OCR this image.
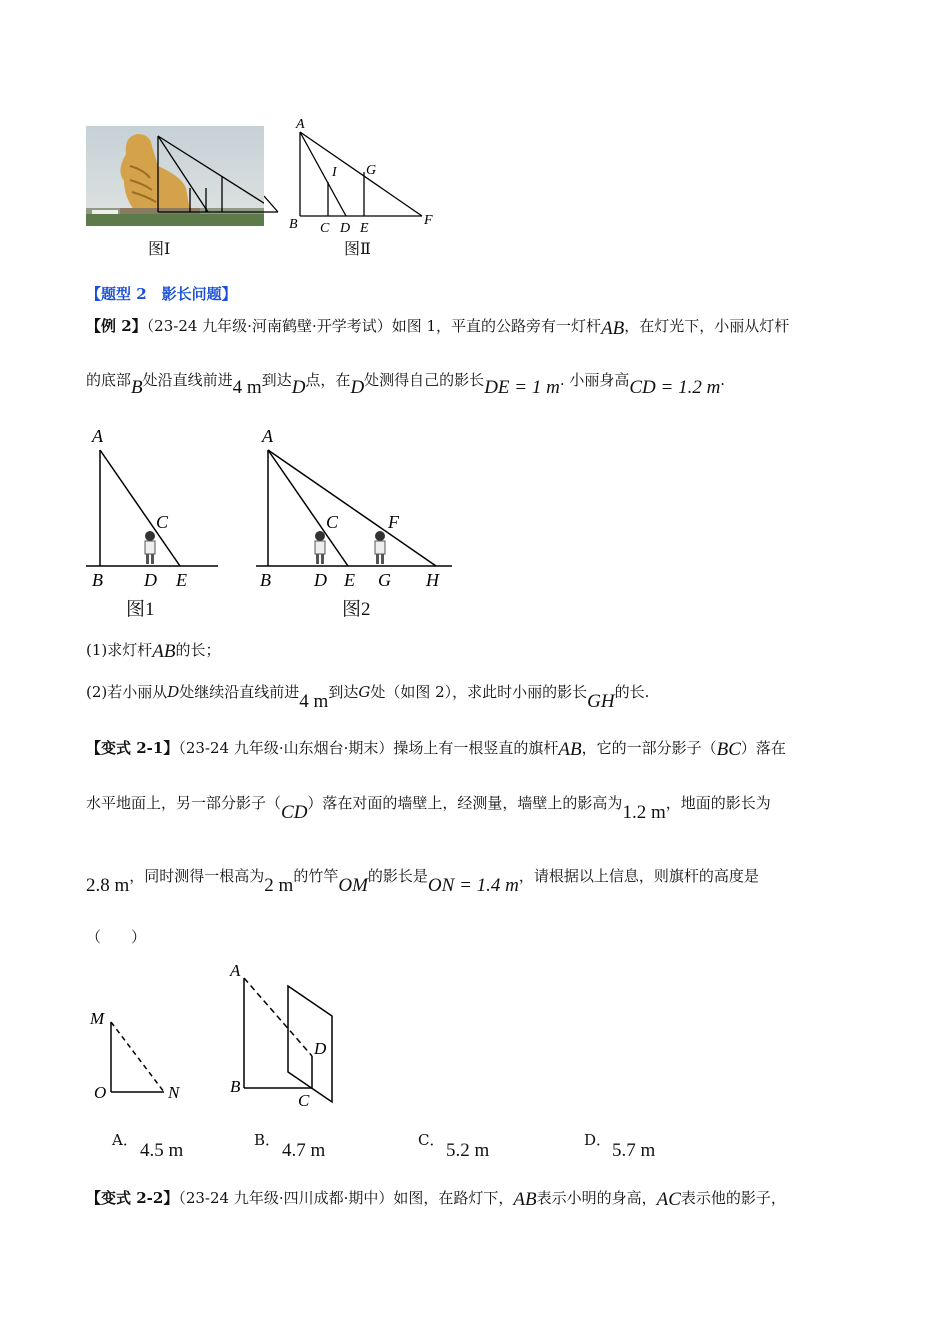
图Ⅰ
A
I G
B C D E
F
图Ⅱ
【题型 2　影长问题】
【例 2】（23-24 九年级·河南鹤壁·开学考试）如图 1，平直的公路旁有一灯杆AB，在灯光下，小丽从灯杆
的底部B处沿直线前进4 m到达D点，在D处测得自己的影长DE = 1 m. 小丽身高CD = 1.2 m.
A
C
B D E
图1
A
C	F
B D E G H
图2
(1)求灯杆AB的长；
(2)若小丽从D处继续沿直线前进4 m到达G处（如图 2），求此时小丽的影长GH的长.
【变式 2-1】（23-24 九年级·山东烟台·期末）操场上有一根竖直的旗杆AB，它的一部分影子（BC）落在
水平地面上，另一部分影子（CD）落在对面的墙壁上，经测量，墙壁上的影高为1.2 m，地面的影长为
2.8 m，同时测得一根高为2 m的竹竿OM的影长是ON = 1.4 m，请根据以上信息，则旗杆的高度是
（　　）
M
O	N
A
D
B
C
A． 4.5 m	B． 4.7 m	C． 5.2 m	D． 5.7 m
【变式 2-2】（23-24 九年级·四川成都·期中）如图，在路灯下，AB表示小明的身高，AC表示他的影子，
